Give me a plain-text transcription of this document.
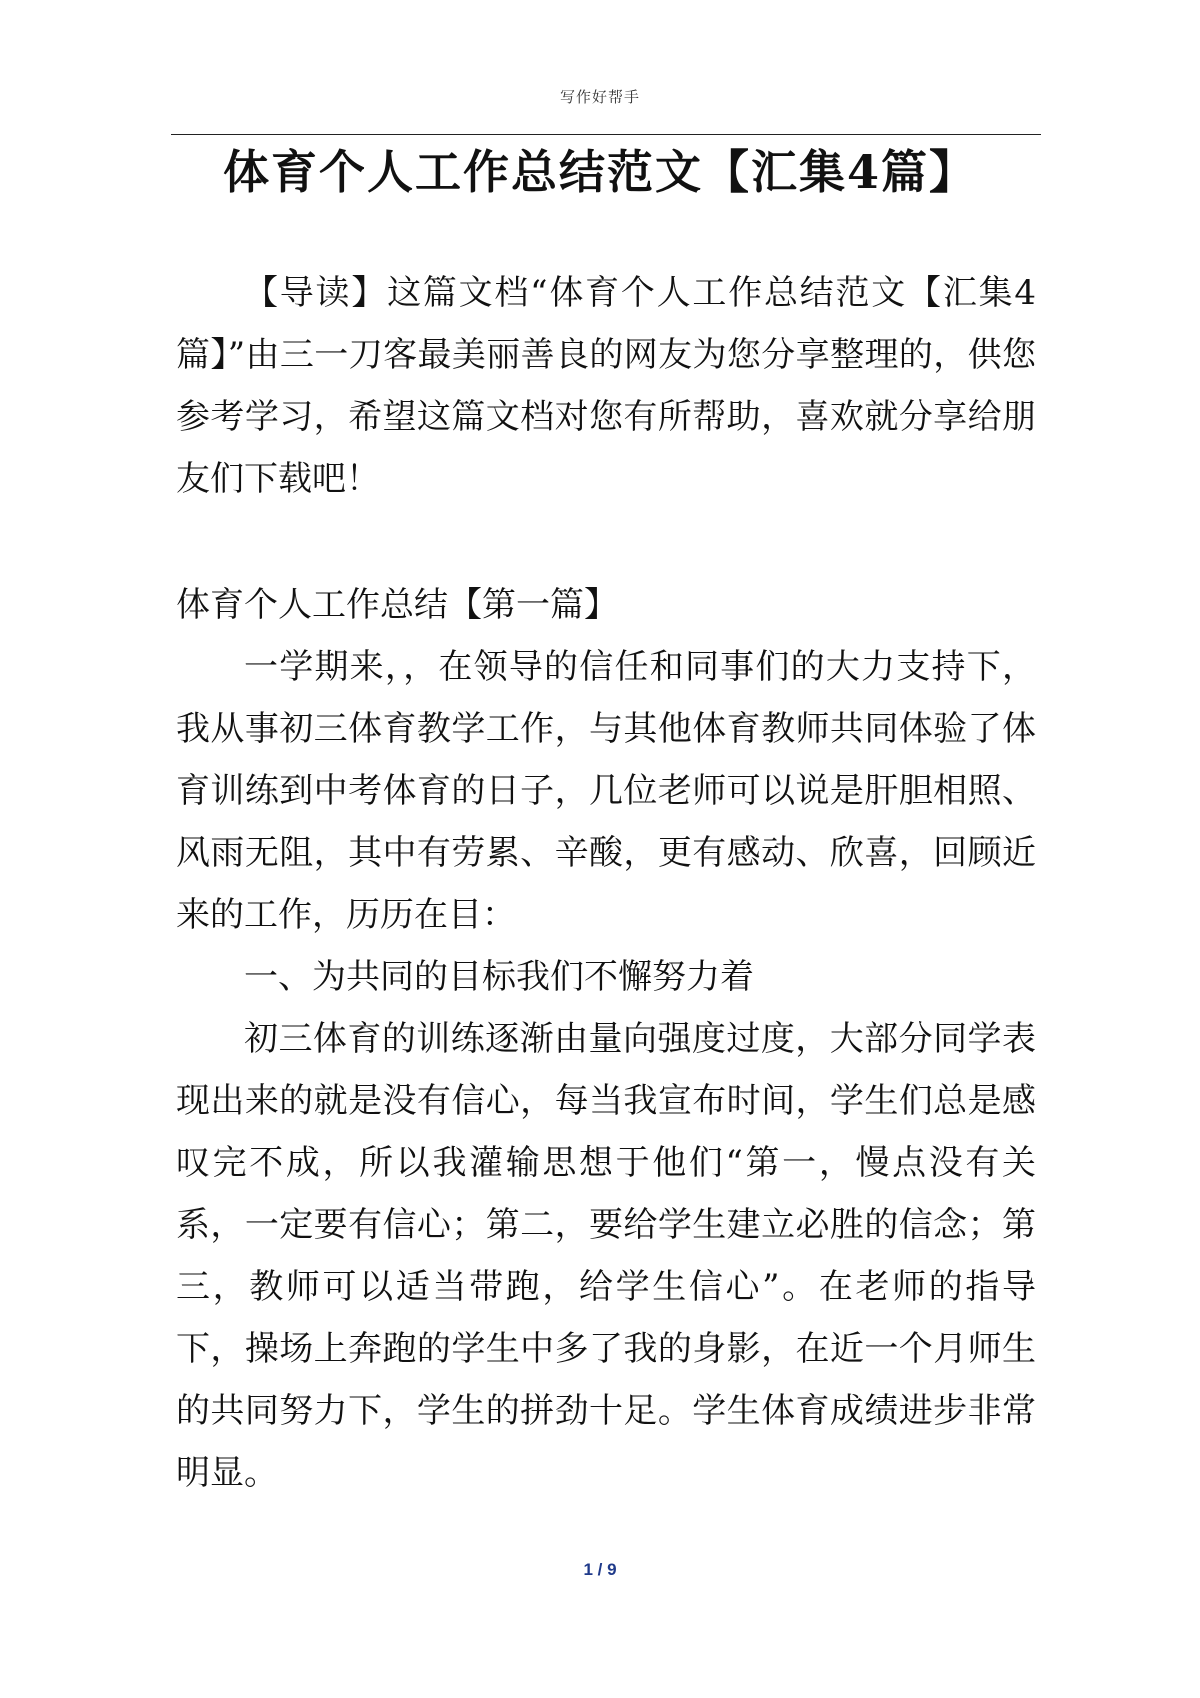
写作好帮手
体育个人工作总结范文【汇集4篇】

【导读】这篇文档“体育个人工作总结范文【汇集4篇】”由三一刀客最美丽善良的网友为您分享整理的，供您参考学习，希望这篇文档对您有所帮助，喜欢就分享给朋友们下载吧！

体育个人工作总结【第一篇】

一学期来，，在领导的信任和同事们的大力支持下，我从事初三体育教学工作，与其他体育教师共同体验了体育训练到中考体育的日子，几位老师可以说是肝胆相照、风雨无阻，其中有劳累、辛酸，更有感动、欣喜，回顾近来的工作，历历在目：

一、为共同的目标我们不懈努力着

初三体育的训练逐渐由量向强度过度，大部分同学表现出来的就是没有信心，每当我宣布时间，学生们总是感叹完不成，所以我灌输思想于他们“第一，慢点没有关系，一定要有信心；第二，要给学生建立必胜的信念；第三，教师可以适当带跑，给学生信心”。在老师的指导下，操场上奔跑的学生中多了我的身影，在近一个月师生的共同努力下，学生的拼劲十足。学生体育成绩进步非常明显。

1 / 9
